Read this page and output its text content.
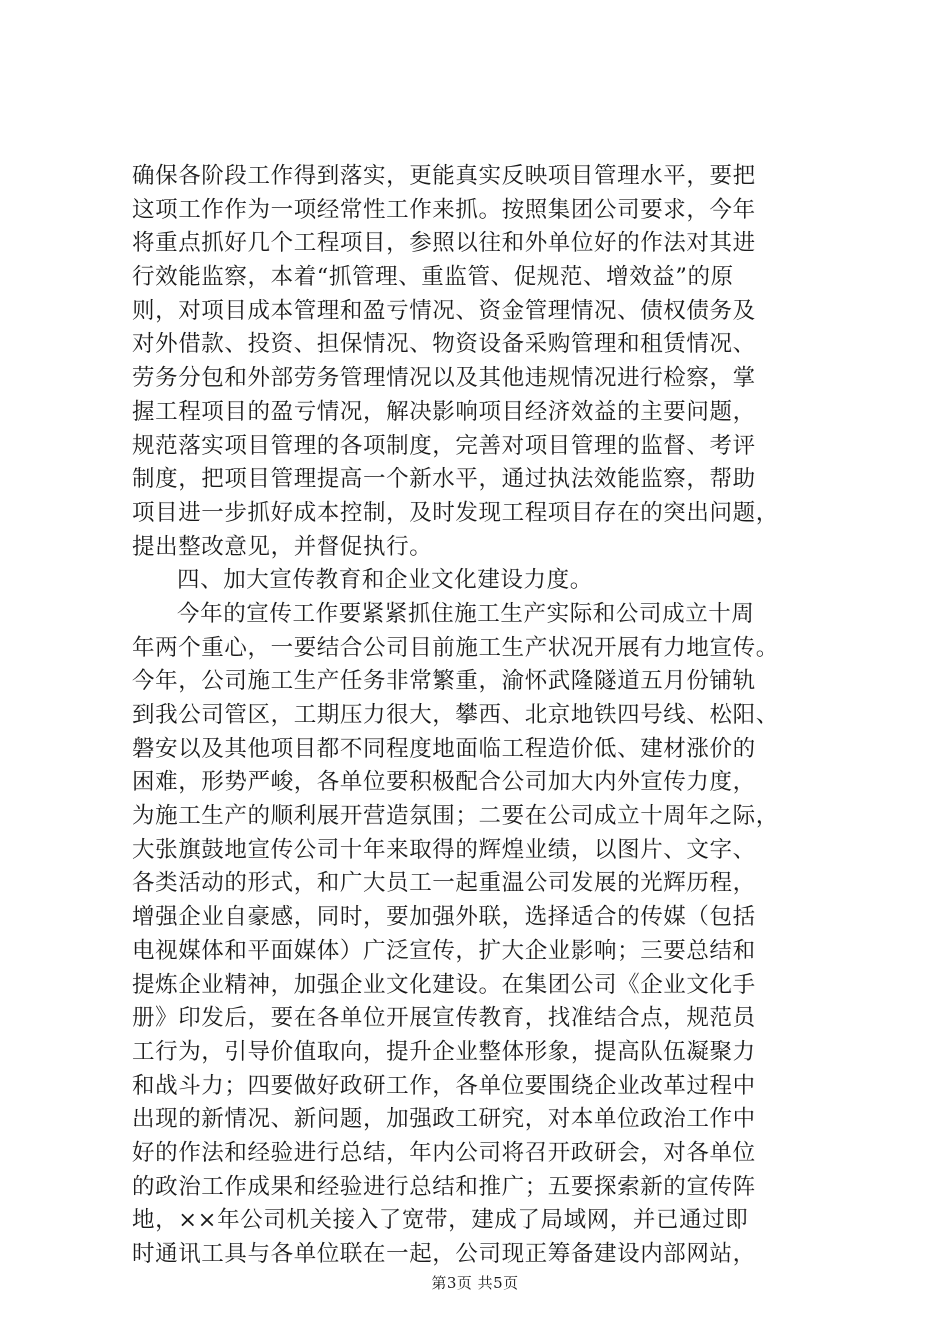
确保各阶段工作得到落实，更能真实反映项目管理水平，要把
这项工作作为一项经常性工作来抓。按照集团公司要求，今年
将重点抓好几个工程项目，参照以往和外单位好的作法对其进
行效能监察，本着“抓管理、重监管、促规范、增效益”的原
则，对项目成本管理和盈亏情况、资金管理情况、债权债务及
对外借款、投资、担保情况、物资设备采购管理和租赁情况、
劳务分包和外部劳务管理情况以及其他违规情况进行检察，掌
握工程项目的盈亏情况，解决影响项目经济效益的主要问题，
规范落实项目管理的各项制度，完善对项目管理的监督、考评
制度，把项目管理提高一个新水平，通过执法效能监察，帮助
项目进一步抓好成本控制，及时发现工程项目存在的突出问题，
提出整改意见，并督促执行。
四、加大宣传教育和企业文化建设力度。
今年的宣传工作要紧紧抓住施工生产实际和公司成立十周
年两个重心，一要结合公司目前施工生产状况开展有力地宣传。
今年，公司施工生产任务非常繁重，渝怀武隆隧道五月份铺轨
到我公司管区，工期压力很大，攀西、北京地铁四号线、松阳、
磐安以及其他项目都不同程度地面临工程造价低、建材涨价的
困难，形势严峻，各单位要积极配合公司加大内外宣传力度，
为施工生产的顺利展开营造氛围；二要在公司成立十周年之际，
大张旗鼓地宣传公司十年来取得的辉煌业绩，以图片、文字、
各类活动的形式，和广大员工一起重温公司发展的光辉历程，
增强企业自豪感，同时，要加强外联，选择适合的传媒（包括
电视媒体和平面媒体）广泛宣传，扩大企业影响；三要总结和
提炼企业精神，加强企业文化建设。在集团公司《企业文化手
册》印发后，要在各单位开展宣传教育，找准结合点，规范员
工行为，引导价值取向，提升企业整体形象，提高队伍凝聚力
和战斗力；四要做好政研工作，各单位要围绕企业改革过程中
出现的新情况、新问题，加强政工研究，对本单位政治工作中
好的作法和经验进行总结，年内公司将召开政研会，对各单位
的政治工作成果和经验进行总结和推广；五要探索新的宣传阵
地，××年公司机关接入了宽带，建成了局域网，并已通过即
时通讯工具与各单位联在一起，公司现正筹备建设内部网站，
第3页 共5页
